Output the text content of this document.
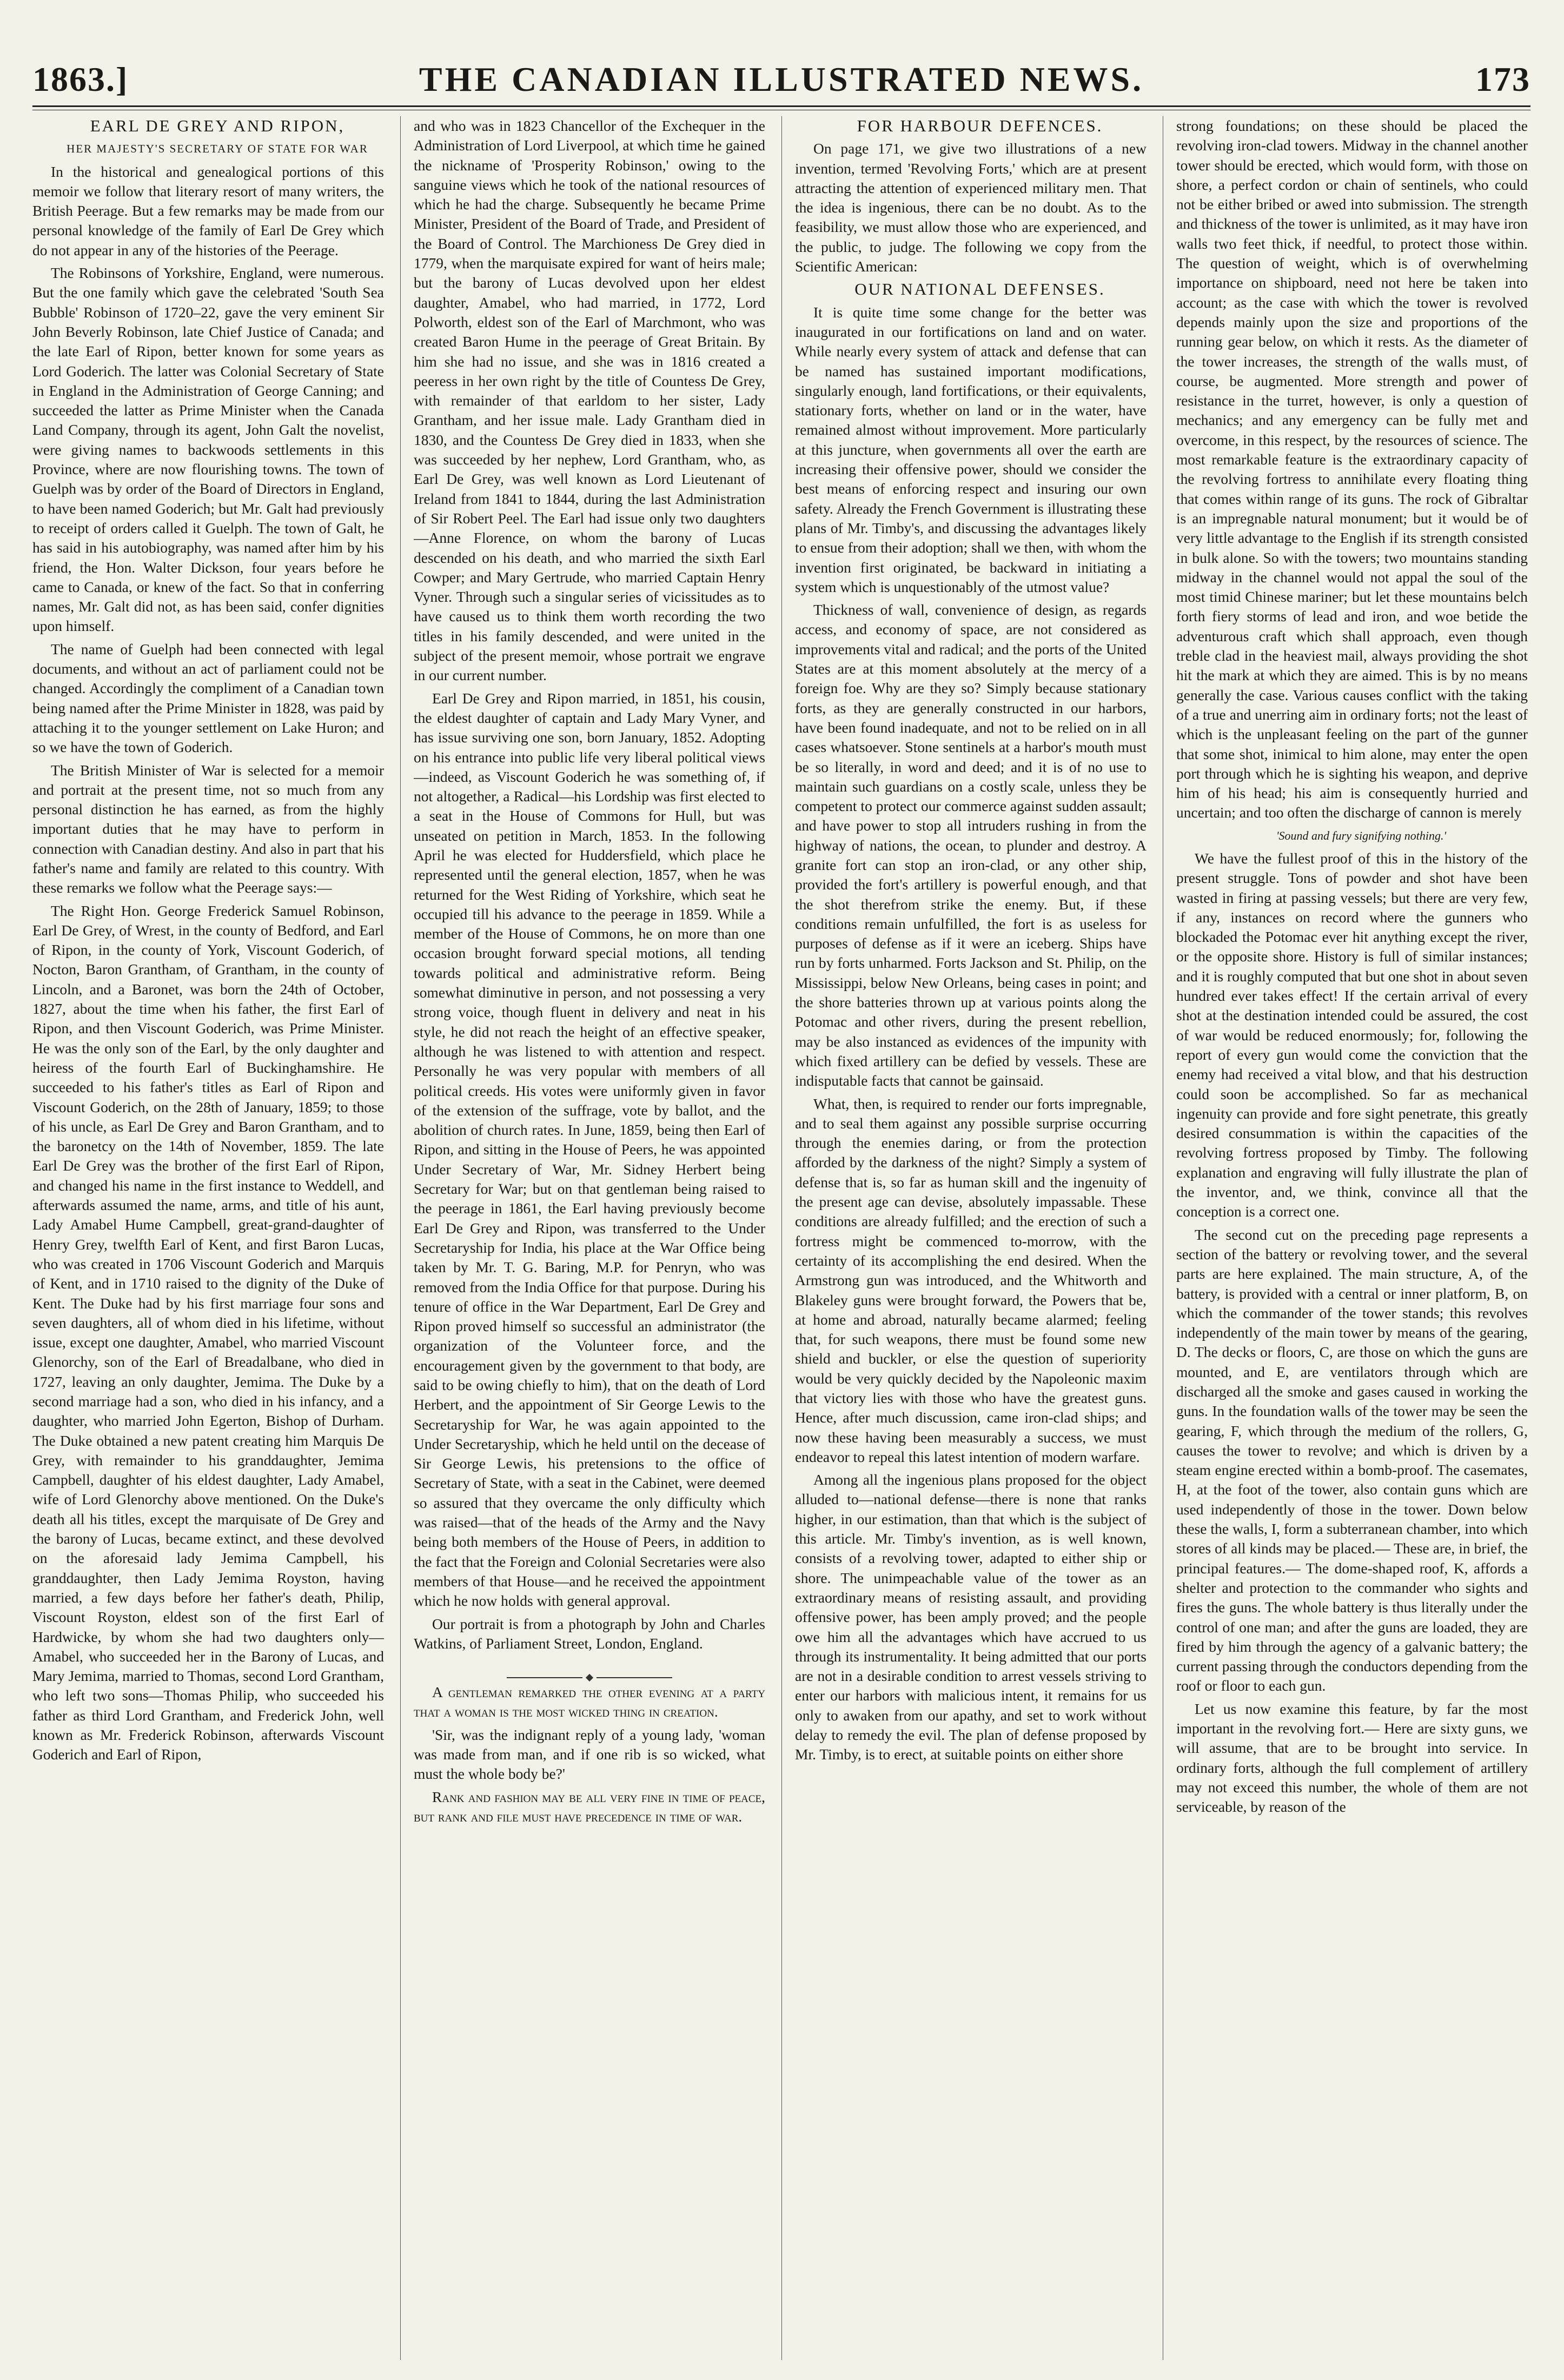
1863.]	THE CANADIAN ILLUSTRATED NEWS.	173

EARL DE GREY AND RIPON,

HER MAJESTY'S SECRETARY OF STATE FOR WAR

In the historical and genealogical portions of this memoir we follow that literary resort of many writers, the British Peerage. But a few remarks may be made from our personal knowledge of the family of Earl De Grey which do not appear in any of the histories of the Peerage.

The Robinsons of Yorkshire, England, were numerous. But the one family which gave the celebrated 'South Sea Bubble' Robinson of 1720–22, gave the very eminent Sir John Beverly Robinson, late Chief Justice of Canada; and the late Earl of Ripon, better known for some years as Lord Goderich. The latter was Colonial Secretary of State in England in the Administration of George Canning; and succeeded the latter as Prime Minister when the Canada Land Company, through its agent, John Galt the novelist, were giving names to backwoods settlements in this Province, where are now flourishing towns. The town of Guelph was by order of the Board of Directors in England, to have been named Goderich; but Mr. Galt had previously to receipt of orders called it Guelph. The town of Galt, he has said in his autobiography, was named after him by his friend, the Hon. Walter Dickson, four years before he came to Canada, or knew of the fact. So that in conferring names, Mr. Galt did not, as has been said, confer dignities upon himself.

The name of Guelph had been connected with legal documents, and without an act of parliament could not be changed. Accordingly the compliment of a Canadian town being named after the Prime Minister in 1828, was paid by attaching it to the younger settlement on Lake Huron; and so we have the town of Goderich.

The British Minister of War is selected for a memoir and portrait at the present time, not so much from any personal distinction he has earned, as from the highly important duties that he may have to perform in connection with Canadian destiny. And also in part that his father's name and family are related to this country. With these remarks we follow what the Peerage says:—

The Right Hon. George Frederick Samuel Robinson, Earl De Grey, of Wrest, in the county of Bedford, and Earl of Ripon, in the county of York, Viscount Goderich, of Nocton, Baron Grantham, of Grantham, in the county of Lincoln, and a Baronet, was born the 24th of October, 1827, about the time when his father, the first Earl of Ripon, and then Viscount Goderich, was Prime Minister. He was the only son of the Earl, by the only daughter and heiress of the fourth Earl of Buckinghamshire. He succeeded to his father's titles as Earl of Ripon and Viscount Goderich, on the 28th of January, 1859; to those of his uncle, as Earl De Grey and Baron Grantham, and to the baronetcy on the 14th of November, 1859. The late Earl De Grey was the brother of the first Earl of Ripon, and changed his name in the first instance to Weddell, and afterwards assumed the name, arms, and title of his aunt, Lady Amabel Hume Campbell, great-grand-daughter of Henry Grey, twelfth Earl of Kent, and first Baron Lucas, who was created in 1706 Viscount Goderich and Marquis of Kent, and in 1710 raised to the dignity of the Duke of Kent. The Duke had by his first marriage four sons and seven daughters, all of whom died in his lifetime, without issue, except one daughter, Amabel, who married Viscount Glenorchy, son of the Earl of Breadalbane, who died in 1727, leaving an only daughter, Jemima. The Duke by a second marriage had a son, who died in his infancy, and a daughter, who married John Egerton, Bishop of Durham. The Duke obtained a new patent creating him Marquis De Grey, with remainder to his granddaughter, Jemima Campbell, daughter of his eldest daughter, Lady Amabel, wife of Lord Glenorchy above mentioned. On the Duke's death all his titles, except the marquisate of De Grey and the barony of Lucas, became extinct, and these devolved on the aforesaid lady Jemima Campbell, his granddaughter, then Lady Jemima Royston, having married, a few days before her father's death, Philip, Viscount Royston, eldest son of the first Earl of Hardwicke, by whom she had two daughters only—Amabel, who succeeded her in the Barony of Lucas, and Mary Jemima, married to Thomas, second Lord Grantham, who left two sons—Thomas Philip, who succeeded his father as third Lord Grantham, and Frederick John, well known as Mr. Frederick Robinson, afterwards Viscount Goderich and Earl of Ripon,

and who was in 1823 Chancellor of the Exchequer in the Administration of Lord Liverpool, at which time he gained the nickname of 'Prosperity Robinson,' owing to the sanguine views which he took of the national resources of which he had the charge. Subsequently he became Prime Minister, President of the Board of Trade, and President of the Board of Control. The Marchioness De Grey died in 1779, when the marquisate expired for want of heirs male; but the barony of Lucas devolved upon her eldest daughter, Amabel, who had married, in 1772, Lord Polworth, eldest son of the Earl of Marchmont, who was created Baron Hume in the peerage of Great Britain. By him she had no issue, and she was in 1816 created a peeress in her own right by the title of Countess De Grey, with remainder of that earldom to her sister, Lady Grantham, and her issue male. Lady Grantham died in 1830, and the Countess De Grey died in 1833, when she was succeeded by her nephew, Lord Grantham, who, as Earl De Grey, was well known as Lord Lieutenant of Ireland from 1841 to 1844, during the last Administration of Sir Robert Peel. The Earl had issue only two daughters—Anne Florence, on whom the barony of Lucas descended on his death, and who married the sixth Earl Cowper; and Mary Gertrude, who married Captain Henry Vyner. Through such a singular series of vicissitudes as to have caused us to think them worth recording the two titles in his family descended, and were united in the subject of the present memoir, whose portrait we engrave in our current number.

Earl De Grey and Ripon married, in 1851, his cousin, the eldest daughter of captain and Lady Mary Vyner, and has issue surviving one son, born January, 1852. Adopting on his entrance into public life very liberal political views—indeed, as Viscount Goderich he was something of, if not altogether, a Radical—his Lordship was first elected to a seat in the House of Commons for Hull, but was unseated on petition in March, 1853. In the following April he was elected for Huddersfield, which place he represented until the general election, 1857, when he was returned for the West Riding of Yorkshire, which seat he occupied till his advance to the peerage in 1859. While a member of the House of Commons, he on more than one occasion brought forward special motions, all tending towards political and administrative reform. Being somewhat diminutive in person, and not possessing a very strong voice, though fluent in delivery and neat in his style, he did not reach the height of an effective speaker, although he was listened to with attention and respect. Personally he was very popular with members of all political creeds. His votes were uniformly given in favor of the extension of the suffrage, vote by ballot, and the abolition of church rates. In June, 1859, being then Earl of Ripon, and sitting in the House of Peers, he was appointed Under Secretary of War, Mr. Sidney Herbert being Secretary for War; but on that gentleman being raised to the peerage in 1861, the Earl having previously become Earl De Grey and Ripon, was transferred to the Under Secretaryship for India, his place at the War Office being taken by Mr. T. G. Baring, M.P. for Penryn, who was removed from the India Office for that purpose. During his tenure of office in the War Department, Earl De Grey and Ripon proved himself so successful an administrator (the organization of the Volunteer force, and the encouragement given by the government to that body, are said to be owing chiefly to him), that on the death of Lord Herbert, and the appointment of Sir George Lewis to the Secretaryship for War, he was again appointed to the Under Secretaryship, which he held until on the decease of Sir George Lewis, his pretensions to the office of Secretary of State, with a seat in the Cabinet, were deemed so assured that they overcame the only difficulty which was raised—that of the heads of the Army and the Navy being both members of the House of Peers, in addition to the fact that the Foreign and Colonial Secretaries were also members of that House—and he received the appointment which he now holds with general approval.

Our portrait is from a photograph by John and Charles Watkins, of Parliament Street, London, England.

A gentleman remarked the other evening at a party that a woman is the most wicked thing in creation.

'Sir, was the indignant reply of a young lady, 'woman was made from man, and if one rib is so wicked, what must the whole body be?'

Rank and fashion may be all very fine in time of peace, but rank and file must have precedence in time of war.

FOR HARBOUR DEFENCES.

On page 171, we give two illustrations of a new invention, termed 'Revolving Forts,' which are at present attracting the attention of experienced military men. That the idea is ingenious, there can be no doubt. As to the feasibility, we must allow those who are experienced, and the public, to judge. The following we copy from the Scientific American:

OUR NATIONAL DEFENSES.

It is quite time some change for the better was inaugurated in our fortifications on land and on water. While nearly every system of attack and defense that can be named has sustained important modifications, singularly enough, land fortifications, or their equivalents, stationary forts, whether on land or in the water, have remained almost without improvement. More particularly at this juncture, when governments all over the earth are increasing their offensive power, should we consider the best means of enforcing respect and insuring our own safety. Already the French Government is illustrating these plans of Mr. Timby's, and discussing the advantages likely to ensue from their adoption; shall we then, with whom the invention first originated, be backward in initiating a system which is unquestionably of the utmost value?

Thickness of wall, convenience of design, as regards access, and economy of space, are not considered as improvements vital and radical; and the ports of the United States are at this moment absolutely at the mercy of a foreign foe. Why are they so? Simply because stationary forts, as they are generally constructed in our harbors, have been found inadequate, and not to be relied on in all cases whatsoever. Stone sentinels at a harbor's mouth must be so literally, in word and deed; and it is of no use to maintain such guardians on a costly scale, unless they be competent to protect our commerce against sudden assault; and have power to stop all intruders rushing in from the highway of nations, the ocean, to plunder and destroy. A granite fort can stop an iron-clad, or any other ship, provided the fort's artillery is powerful enough, and that the shot therefrom strike the enemy. But, if these conditions remain unfulfilled, the fort is as useless for purposes of defense as if it were an iceberg. Ships have run by forts unharmed. Forts Jackson and St. Philip, on the Mississippi, below New Orleans, being cases in point; and the shore batteries thrown up at various points along the Potomac and other rivers, during the present rebellion, may be also instanced as evidences of the impunity with which fixed artillery can be defied by vessels. These are indisputable facts that cannot be gainsaid.

What, then, is required to render our forts impregnable, and to seal them against any possible surprise occurring through the enemies daring, or from the protection afforded by the darkness of the night? Simply a system of defense that is, so far as human skill and the ingenuity of the present age can devise, absolutely impassable. These conditions are already fulfilled; and the erection of such a fortress might be commenced to-morrow, with the certainty of its accomplishing the end desired. When the Armstrong gun was introduced, and the Whitworth and Blakeley guns were brought forward, the Powers that be, at home and abroad, naturally became alarmed; feeling that, for such weapons, there must be found some new shield and buckler, or else the question of superiority would be very quickly decided by the Napoleonic maxim that victory lies with those who have the greatest guns. Hence, after much discussion, came iron-clad ships; and now these having been measurably a success, we must endeavor to repeal this latest intention of modern warfare.

Among all the ingenious plans proposed for the object alluded to—national defense—there is none that ranks higher, in our estimation, than that which is the subject of this article. Mr. Timby's invention, as is well known, consists of a revolving tower, adapted to either ship or shore. The unimpeachable value of the tower as an extraordinary means of resisting assault, and providing offensive power, has been amply proved; and the people owe him all the advantages which have accrued to us through its instrumentality. It being admitted that our ports are not in a desirable condition to arrest vessels striving to enter our harbors with malicious intent, it remains for us only to awaken from our apathy, and set to work without delay to remedy the evil. The plan of defense proposed by Mr. Timby, is to erect, at suitable points on either shore

strong foundations; on these should be placed the revolving iron-clad towers. Midway in the channel another tower should be erected, which would form, with those on shore, a perfect cordon or chain of sentinels, who could not be either bribed or awed into submission. The strength and thickness of the tower is unlimited, as it may have iron walls two feet thick, if needful, to protect those within. The question of weight, which is of overwhelming importance on shipboard, need not here be taken into account; as the case with which the tower is revolved depends mainly upon the size and proportions of the running gear below, on which it rests. As the diameter of the tower increases, the strength of the walls must, of course, be augmented. More strength and power of resistance in the turret, however, is only a question of mechanics; and any emergency can be fully met and overcome, in this respect, by the resources of science. The most remarkable feature is the extraordinary capacity of the revolving fortress to annihilate every floating thing that comes within range of its guns. The rock of Gibraltar is an impregnable natural monument; but it would be of very little advantage to the English if its strength consisted in bulk alone. So with the towers; two mountains standing midway in the channel would not appal the soul of the most timid Chinese mariner; but let these mountains belch forth fiery storms of lead and iron, and woe betide the adventurous craft which shall approach, even though treble clad in the heaviest mail, always providing the shot hit the mark at which they are aimed. This is by no means generally the case. Various causes conflict with the taking of a true and unerring aim in ordinary forts; not the least of which is the unpleasant feeling on the part of the gunner that some shot, inimical to him alone, may enter the open port through which he is sighting his weapon, and deprive him of his head; his aim is consequently hurried and uncertain; and too often the discharge of cannon is merely

'Sound and fury signifying nothing.'

We have the fullest proof of this in the history of the present struggle. Tons of powder and shot have been wasted in firing at passing vessels; but there are very few, if any, instances on record where the gunners who blockaded the Potomac ever hit anything except the river, or the opposite shore. History is full of similar instances; and it is roughly computed that but one shot in about seven hundred ever takes effect! If the certain arrival of every shot at the destination intended could be assured, the cost of war would be reduced enormously; for, following the report of every gun would come the conviction that the enemy had received a vital blow, and that his destruction could soon be accomplished. So far as mechanical ingenuity can provide and fore sight penetrate, this greatly desired consummation is within the capacities of the revolving fortress proposed by Timby. The following explanation and engraving will fully illustrate the plan of the inventor, and, we think, convince all that the conception is a correct one.

The second cut on the preceding page represents a section of the battery or revolving tower, and the several parts are here explained. The main structure, A, of the battery, is provided with a central or inner platform, B, on which the commander of the tower stands; this revolves independently of the main tower by means of the gearing, D. The decks or floors, C, are those on which the guns are mounted, and E, are ventilators through which are discharged all the smoke and gases caused in working the guns. In the foundation walls of the tower may be seen the gearing, F, which through the medium of the rollers, G, causes the tower to revolve; and which is driven by a steam engine erected within a bomb-proof. The casemates, H, at the foot of the tower, also contain guns which are used independently of those in the tower. Down below these the walls, I, form a subterranean chamber, into which stores of all kinds may be placed.— These are, in brief, the principal features.— The dome-shaped roof, K, affords a shelter and protection to the commander who sights and fires the guns. The whole battery is thus literally under the control of one man; and after the guns are loaded, they are fired by him through the agency of a galvanic battery; the current passing through the conductors depending from the roof or floor to each gun.

Let us now examine this feature, by far the most important in the revolving fort.— Here are sixty guns, we will assume, that are to be brought into service. In ordinary forts, although the full complement of artillery may not exceed this number, the whole of them are not serviceable, by reason of the
